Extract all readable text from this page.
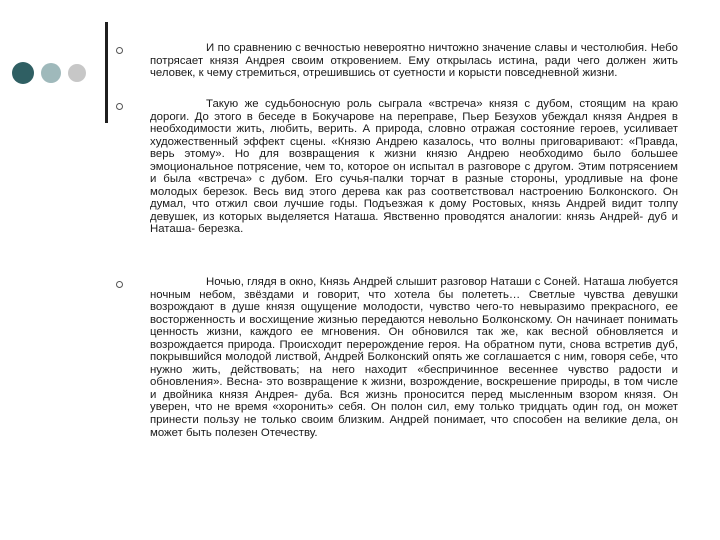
И по сравнению с вечностью невероятно ничтожно значение славы и честолюбия. Небо потрясает князя Андрея своим откровением. Ему открылась истина, ради чего должен жить человек, к чему стремиться, отрешившись от суетности и корысти повседневной жизни.
Такую же судьбоносную роль сыграла «встреча» князя с дубом, стоящим на краю дороги. До этого в беседе в Бокучарове на переправе, Пьер Безухов убеждал князя Андрея в необходимости жить, любить, верить. А природа, словно отражая состояние героев, усиливает художественный эффект сцены. «Князю Андрею казалось, что волны приговаривают: «Правда, верь этому». Но для возвращения к жизни князю Андрею необходимо было большее эмоциональное потрясение, чем то, которое он испытал в разговоре с другом. Этим потрясением и была «встреча» с дубом. Его сучья-палки торчат в разные стороны, уродливые на фоне молодых березок. Весь вид этого дерева как раз соответствовал настроению Болконского. Он думал, что отжил свои лучшие годы. Подъезжая к дому Ростовых, князь Андрей видит толпу девушек, из которых выделяется Наташа. Явственно проводятся аналогии: князь Андрей- дуб и Наташа- березка.
Ночью, глядя в окно, Князь Андрей слышит разговор Наташи с Соней. Наташа любуется ночным небом, звёздами и говорит, что хотела бы полететь… Светлые чувства девушки возрождают в душе князя ощущение молодости, чувство чего-то невыразимо прекрасного, ее восторженность и восхищение жизнью передаются невольно Болконскому. Он начинает понимать ценность жизни, каждого ее мгновения. Он обновился так же, как весной обновляется и возрождается природа. Происходит перерождение героя. На обратном пути, снова встретив дуб, покрывшийся молодой листвой, Андрей Болконский опять же соглашается с ним, говоря себе, что нужно жить, действовать; на него находит «беспричинное весеннее чувство радости и обновления». Весна- это возвращение к жизни, возрождение, воскрешение природы, в том числе и двойника князя Андрея- дуба. Вся жизнь проносится перед мысленным взором князя. Он уверен, что не время «хоронить» себя. Он полон сил, ему только тридцать один год, он может принести пользу не только своим близким. Андрей понимает, что способен на великие дела, он может быть полезен Отечеству.
